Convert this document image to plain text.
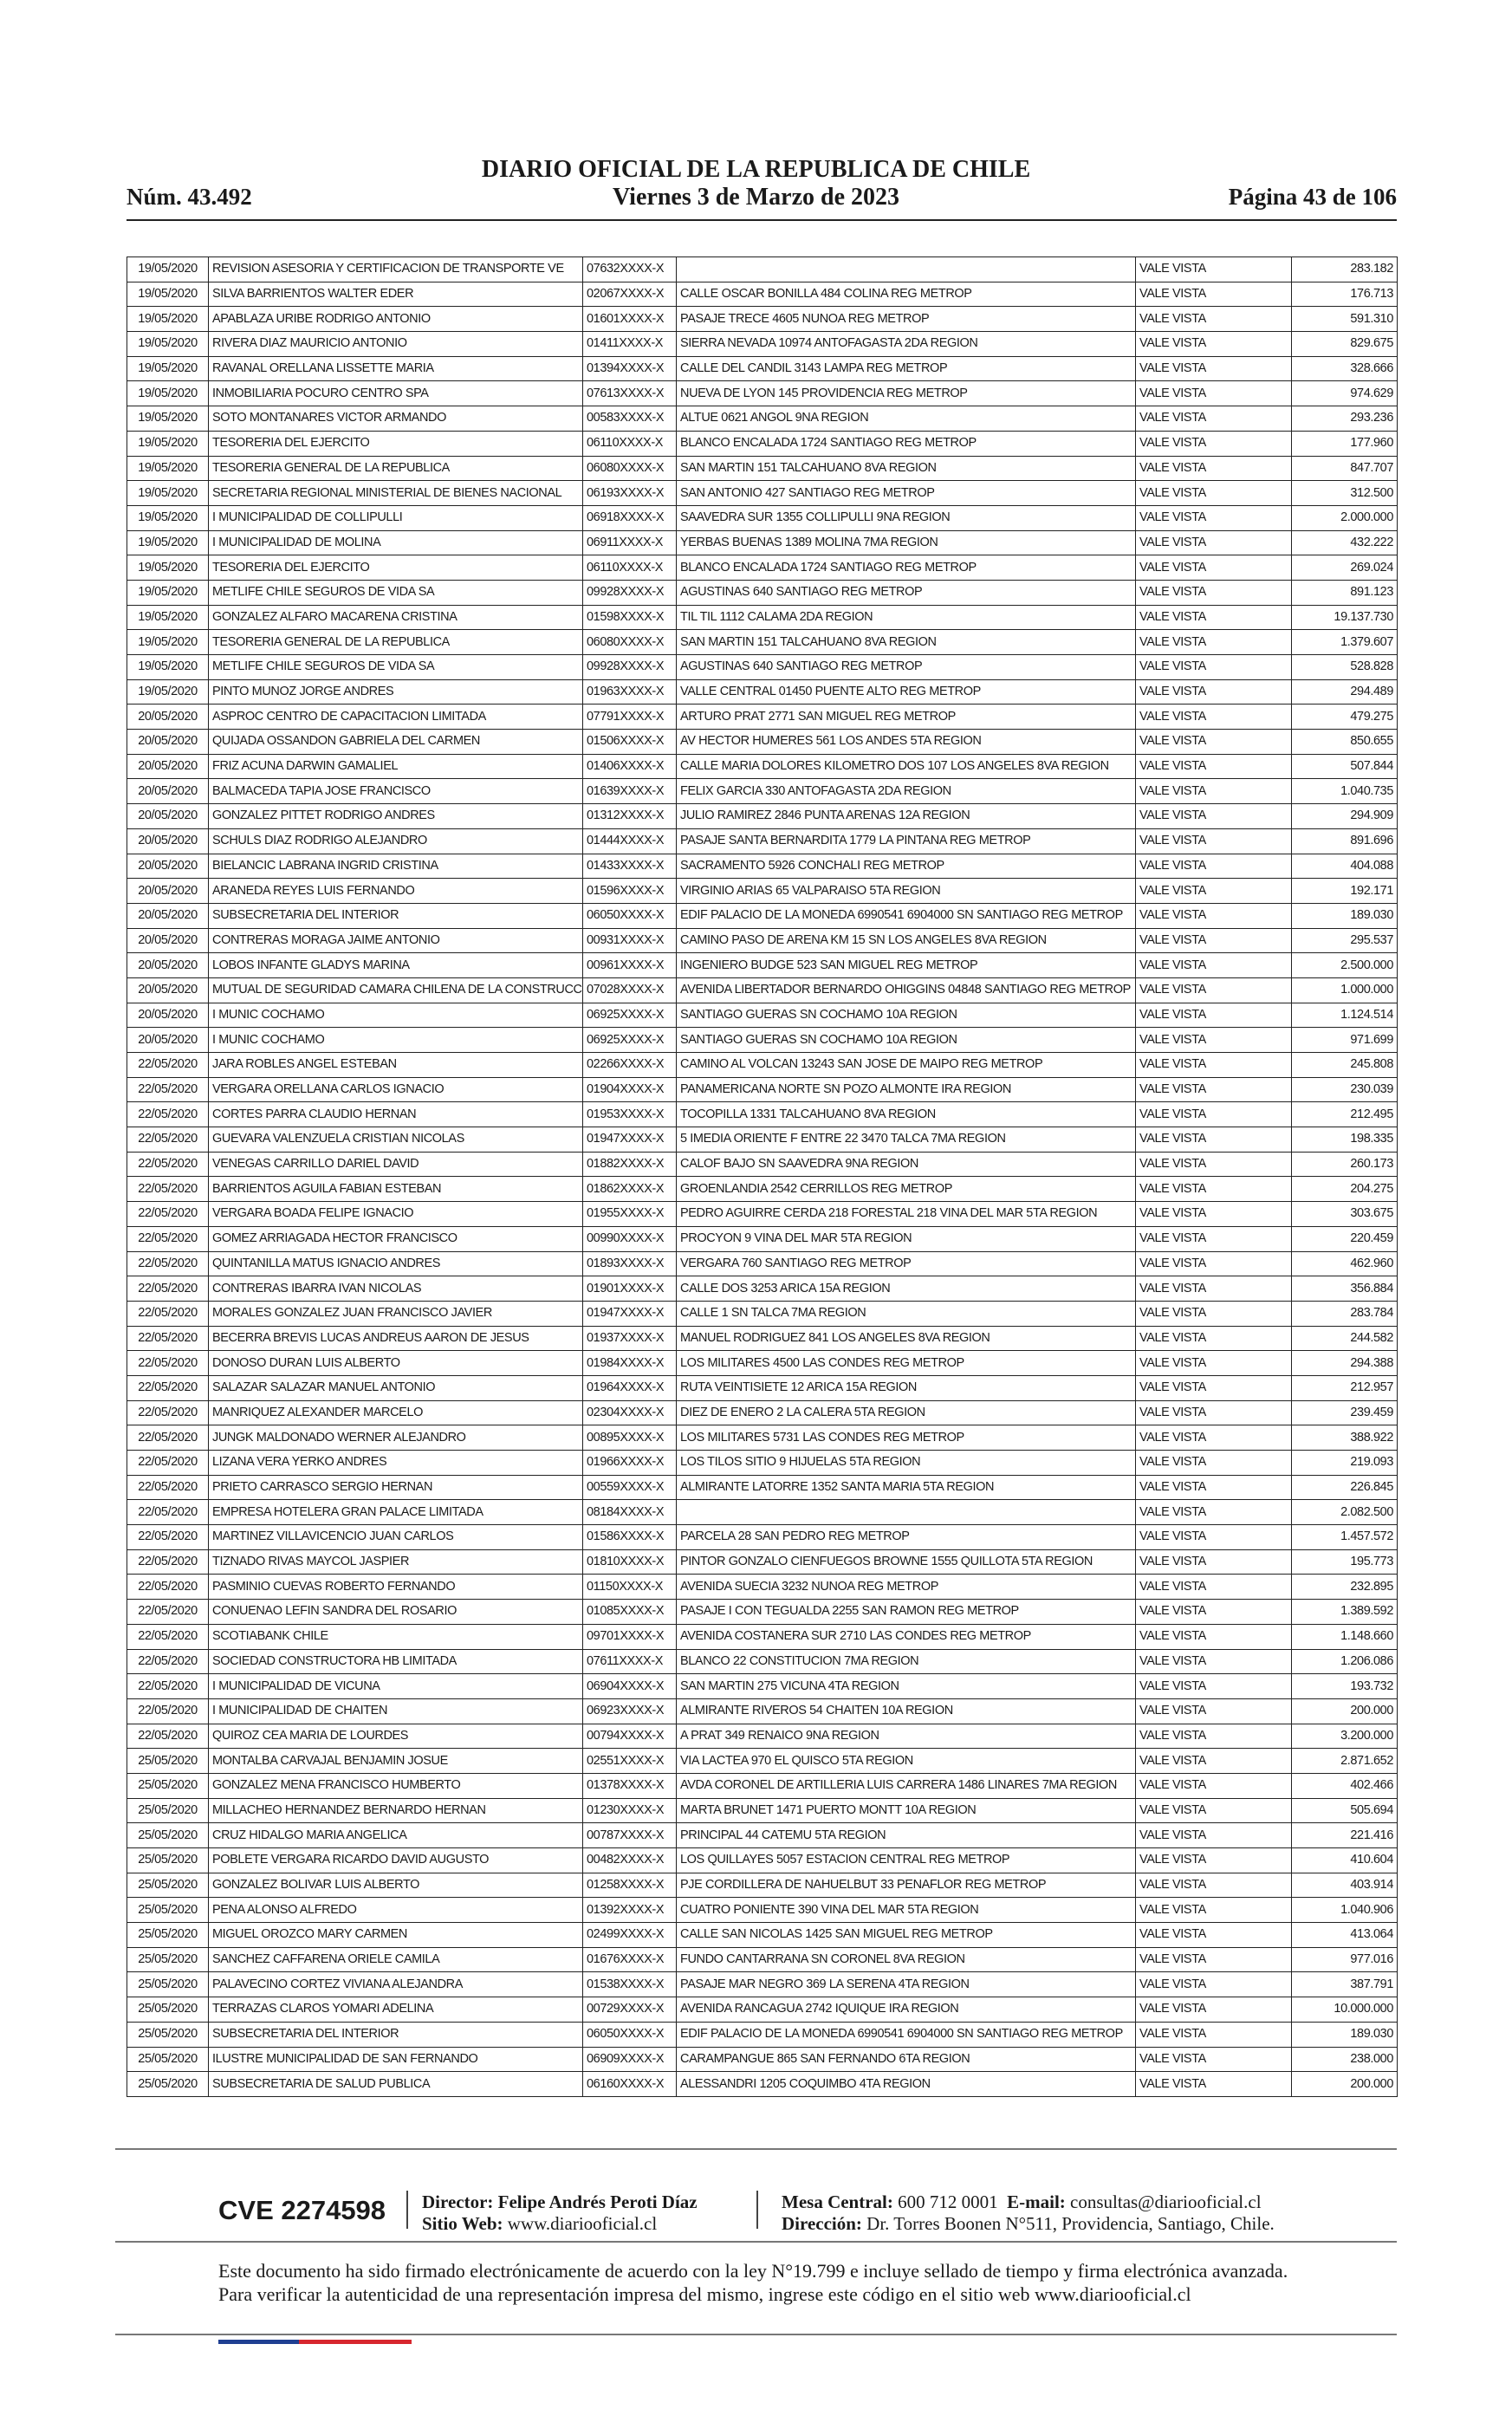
DIARIO OFICIAL DE LA REPUBLICA DE CHILE
Viernes 3 de Marzo de 2023
Núm. 43.492	Página 43 de 106
19/05/2020	REVISION ASESORIA Y CERTIFICACION DE TRANSPORTE VE	07632XXXX-X		VALE VISTA	283.182
19/05/2020	SILVA BARRIENTOS WALTER EDER	02067XXXX-X	CALLE OSCAR BONILLA 484 COLINA REG METROP	VALE VISTA	176.713
19/05/2020	APABLAZA URIBE RODRIGO ANTONIO	01601XXXX-X	PASAJE TRECE 4605 NUNOA REG METROP	VALE VISTA	591.310
19/05/2020	RIVERA DIAZ MAURICIO ANTONIO	01411XXXX-X	SIERRA NEVADA 10974 ANTOFAGASTA 2DA REGION	VALE VISTA	829.675
19/05/2020	RAVANAL ORELLANA LISSETTE MARIA	01394XXXX-X	CALLE DEL CANDIL 3143 LAMPA REG METROP	VALE VISTA	328.666
19/05/2020	INMOBILIARIA POCURO CENTRO SPA	07613XXXX-X	NUEVA DE LYON 145 PROVIDENCIA REG METROP	VALE VISTA	974.629
19/05/2020	SOTO MONTANARES VICTOR ARMANDO	00583XXXX-X	ALTUE 0621 ANGOL 9NA REGION	VALE VISTA	293.236
19/05/2020	TESORERIA DEL EJERCITO	06110XXXX-X	BLANCO ENCALADA 1724 SANTIAGO REG METROP	VALE VISTA	177.960
19/05/2020	TESORERIA GENERAL DE LA REPUBLICA	06080XXXX-X	SAN MARTIN 151 TALCAHUANO 8VA REGION	VALE VISTA	847.707
19/05/2020	SECRETARIA REGIONAL MINISTERIAL DE BIENES NACIONAL	06193XXXX-X	SAN ANTONIO 427 SANTIAGO REG METROP	VALE VISTA	312.500
19/05/2020	I MUNICIPALIDAD DE COLLIPULLI	06918XXXX-X	SAAVEDRA SUR 1355 COLLIPULLI 9NA REGION	VALE VISTA	2.000.000
19/05/2020	I MUNICIPALIDAD DE MOLINA	06911XXXX-X	YERBAS BUENAS 1389 MOLINA 7MA REGION	VALE VISTA	432.222
19/05/2020	TESORERIA DEL EJERCITO	06110XXXX-X	BLANCO ENCALADA 1724 SANTIAGO REG METROP	VALE VISTA	269.024
19/05/2020	METLIFE CHILE SEGUROS DE VIDA SA	09928XXXX-X	AGUSTINAS 640 SANTIAGO REG METROP	VALE VISTA	891.123
19/05/2020	GONZALEZ ALFARO MACARENA CRISTINA	01598XXXX-X	TIL TIL 1112 CALAMA 2DA REGION	VALE VISTA	19.137.730
19/05/2020	TESORERIA GENERAL DE LA REPUBLICA	06080XXXX-X	SAN MARTIN 151 TALCAHUANO 8VA REGION	VALE VISTA	1.379.607
19/05/2020	METLIFE CHILE SEGUROS DE VIDA SA	09928XXXX-X	AGUSTINAS 640 SANTIAGO REG METROP	VALE VISTA	528.828
19/05/2020	PINTO MUNOZ JORGE ANDRES	01963XXXX-X	VALLE CENTRAL 01450 PUENTE ALTO REG METROP	VALE VISTA	294.489
20/05/2020	ASPROC CENTRO DE CAPACITACION LIMITADA	07791XXXX-X	ARTURO PRAT 2771 SAN MIGUEL REG METROP	VALE VISTA	479.275
20/05/2020	QUIJADA OSSANDON GABRIELA DEL CARMEN	01506XXXX-X	AV HECTOR HUMERES 561 LOS ANDES 5TA REGION	VALE VISTA	850.655
20/05/2020	FRIZ ACUNA DARWIN GAMALIEL	01406XXXX-X	CALLE MARIA DOLORES KILOMETRO DOS 107 LOS ANGELES 8VA REGION	VALE VISTA	507.844
20/05/2020	BALMACEDA TAPIA JOSE FRANCISCO	01639XXXX-X	FELIX GARCIA 330 ANTOFAGASTA 2DA REGION	VALE VISTA	1.040.735
20/05/2020	GONZALEZ PITTET RODRIGO ANDRES	01312XXXX-X	JULIO RAMIREZ 2846 PUNTA ARENAS 12A REGION	VALE VISTA	294.909
20/05/2020	SCHULS DIAZ RODRIGO ALEJANDRO	01444XXXX-X	PASAJE SANTA BERNARDITA 1779 LA PINTANA REG METROP	VALE VISTA	891.696
20/05/2020	BIELANCIC LABRANA INGRID CRISTINA	01433XXXX-X	SACRAMENTO 5926 CONCHALI REG METROP	VALE VISTA	404.088
20/05/2020	ARANEDA REYES LUIS FERNANDO	01596XXXX-X	VIRGINIO ARIAS 65 VALPARAISO 5TA REGION	VALE VISTA	192.171
20/05/2020	SUBSECRETARIA DEL INTERIOR	06050XXXX-X	EDIF PALACIO DE LA MONEDA 6990541 6904000 SN SANTIAGO REG METROP	VALE VISTA	189.030
20/05/2020	CONTRERAS MORAGA JAIME ANTONIO	00931XXXX-X	CAMINO PASO DE ARENA KM 15 SN LOS ANGELES 8VA REGION	VALE VISTA	295.537
20/05/2020	LOBOS INFANTE GLADYS MARINA	00961XXXX-X	INGENIERO BUDGE 523 SAN MIGUEL REG METROP	VALE VISTA	2.500.000
20/05/2020	MUTUAL DE SEGURIDAD CAMARA CHILENA DE LA CONSTRUCC	07028XXXX-X	AVENIDA LIBERTADOR BERNARDO OHIGGINS 04848 SANTIAGO REG METROP	VALE VISTA	1.000.000
20/05/2020	I MUNIC COCHAMO	06925XXXX-X	SANTIAGO GUERAS SN COCHAMO 10A REGION	VALE VISTA	1.124.514
20/05/2020	I MUNIC COCHAMO	06925XXXX-X	SANTIAGO GUERAS SN COCHAMO 10A REGION	VALE VISTA	971.699
22/05/2020	JARA ROBLES ANGEL ESTEBAN	02266XXXX-X	CAMINO AL VOLCAN 13243 SAN JOSE DE MAIPO REG METROP	VALE VISTA	245.808
22/05/2020	VERGARA ORELLANA CARLOS IGNACIO	01904XXXX-X	PANAMERICANA NORTE SN POZO ALMONTE IRA REGION	VALE VISTA	230.039
22/05/2020	CORTES PARRA CLAUDIO HERNAN	01953XXXX-X	TOCOPILLA 1331 TALCAHUANO 8VA REGION	VALE VISTA	212.495
22/05/2020	GUEVARA VALENZUELA CRISTIAN NICOLAS	01947XXXX-X	5 IMEDIA ORIENTE F ENTRE 22 3470 TALCA 7MA REGION	VALE VISTA	198.335
22/05/2020	VENEGAS CARRILLO DARIEL DAVID	01882XXXX-X	CALOF BAJO SN SAAVEDRA 9NA REGION	VALE VISTA	260.173
22/05/2020	BARRIENTOS AGUILA FABIAN ESTEBAN	01862XXXX-X	GROENLANDIA 2542 CERRILLOS REG METROP	VALE VISTA	204.275
22/05/2020	VERGARA BOADA FELIPE IGNACIO	01955XXXX-X	PEDRO AGUIRRE CERDA 218 FORESTAL 218 VINA DEL MAR 5TA REGION	VALE VISTA	303.675
22/05/2020	GOMEZ ARRIAGADA HECTOR FRANCISCO	00990XXXX-X	PROCYON 9 VINA DEL MAR 5TA REGION	VALE VISTA	220.459
22/05/2020	QUINTANILLA MATUS IGNACIO ANDRES	01893XXXX-X	VERGARA 760 SANTIAGO REG METROP	VALE VISTA	462.960
22/05/2020	CONTRERAS IBARRA IVAN NICOLAS	01901XXXX-X	CALLE DOS 3253 ARICA 15A REGION	VALE VISTA	356.884
22/05/2020	MORALES GONZALEZ JUAN FRANCISCO JAVIER	01947XXXX-X	CALLE 1 SN TALCA 7MA REGION	VALE VISTA	283.784
22/05/2020	BECERRA BREVIS LUCAS ANDREUS AARON DE JESUS	01937XXXX-X	MANUEL RODRIGUEZ 841 LOS ANGELES 8VA REGION	VALE VISTA	244.582
22/05/2020	DONOSO DURAN LUIS ALBERTO	01984XXXX-X	LOS MILITARES 4500 LAS CONDES REG METROP	VALE VISTA	294.388
22/05/2020	SALAZAR SALAZAR MANUEL ANTONIO	01964XXXX-X	RUTA VEINTISIETE 12 ARICA 15A REGION	VALE VISTA	212.957
22/05/2020	MANRIQUEZ ALEXANDER MARCELO	02304XXXX-X	DIEZ DE ENERO 2 LA CALERA 5TA REGION	VALE VISTA	239.459
22/05/2020	JUNGK MALDONADO WERNER ALEJANDRO	00895XXXX-X	LOS MILITARES 5731 LAS CONDES REG METROP	VALE VISTA	388.922
22/05/2020	LIZANA VERA YERKO ANDRES	01966XXXX-X	LOS TILOS SITIO 9 HIJUELAS 5TA REGION	VALE VISTA	219.093
22/05/2020	PRIETO CARRASCO SERGIO HERNAN	00559XXXX-X	ALMIRANTE LATORRE 1352 SANTA MARIA 5TA REGION	VALE VISTA	226.845
22/05/2020	EMPRESA HOTELERA GRAN PALACE LIMITADA	08184XXXX-X		VALE VISTA	2.082.500
22/05/2020	MARTINEZ VILLAVICENCIO JUAN CARLOS	01586XXXX-X	PARCELA 28 SAN PEDRO REG METROP	VALE VISTA	1.457.572
22/05/2020	TIZNADO RIVAS MAYCOL JASPIER	01810XXXX-X	PINTOR GONZALO CIENFUEGOS BROWNE 1555 QUILLOTA 5TA REGION	VALE VISTA	195.773
22/05/2020	PASMINIO CUEVAS ROBERTO FERNANDO	01150XXXX-X	AVENIDA SUECIA 3232 NUNOA REG METROP	VALE VISTA	232.895
22/05/2020	CONUENAO LEFIN SANDRA DEL ROSARIO	01085XXXX-X	PASAJE I CON TEGUALDA 2255 SAN RAMON REG METROP	VALE VISTA	1.389.592
22/05/2020	SCOTIABANK CHILE	09701XXXX-X	AVENIDA COSTANERA SUR 2710 LAS CONDES REG METROP	VALE VISTA	1.148.660
22/05/2020	SOCIEDAD CONSTRUCTORA HB LIMITADA	07611XXXX-X	BLANCO 22 CONSTITUCION 7MA REGION	VALE VISTA	1.206.086
22/05/2020	I MUNICIPALIDAD DE VICUNA	06904XXXX-X	SAN MARTIN 275 VICUNA 4TA REGION	VALE VISTA	193.732
22/05/2020	I MUNICIPALIDAD DE CHAITEN	06923XXXX-X	ALMIRANTE RIVEROS 54 CHAITEN 10A REGION	VALE VISTA	200.000
22/05/2020	QUIROZ CEA MARIA DE LOURDES	00794XXXX-X	A PRAT 349 RENAICO 9NA REGION	VALE VISTA	3.200.000
25/05/2020	MONTALBA CARVAJAL BENJAMIN JOSUE	02551XXXX-X	VIA LACTEA 970 EL QUISCO 5TA REGION	VALE VISTA	2.871.652
25/05/2020	GONZALEZ MENA FRANCISCO HUMBERTO	01378XXXX-X	AVDA CORONEL DE ARTILLERIA LUIS CARRERA 1486 LINARES 7MA REGION	VALE VISTA	402.466
25/05/2020	MILLACHEO HERNANDEZ BERNARDO HERNAN	01230XXXX-X	MARTA BRUNET 1471 PUERTO MONTT 10A REGION	VALE VISTA	505.694
25/05/2020	CRUZ HIDALGO MARIA ANGELICA	00787XXXX-X	PRINCIPAL 44 CATEMU 5TA REGION	VALE VISTA	221.416
25/05/2020	POBLETE VERGARA RICARDO DAVID AUGUSTO	00482XXXX-X	LOS QUILLAYES 5057 ESTACION CENTRAL REG METROP	VALE VISTA	410.604
25/05/2020	GONZALEZ BOLIVAR LUIS ALBERTO	01258XXXX-X	PJE CORDILLERA DE NAHUELBUT 33 PENAFLOR REG METROP	VALE VISTA	403.914
25/05/2020	PENA ALONSO ALFREDO	01392XXXX-X	CUATRO PONIENTE 390 VINA DEL MAR 5TA REGION	VALE VISTA	1.040.906
25/05/2020	MIGUEL OROZCO MARY CARMEN	02499XXXX-X	CALLE SAN NICOLAS 1425 SAN MIGUEL REG METROP	VALE VISTA	413.064
25/05/2020	SANCHEZ CAFFARENA ORIELE CAMILA	01676XXXX-X	FUNDO CANTARRANA SN CORONEL 8VA REGION	VALE VISTA	977.016
25/05/2020	PALAVECINO CORTEZ VIVIANA ALEJANDRA	01538XXXX-X	PASAJE MAR NEGRO 369 LA SERENA 4TA REGION	VALE VISTA	387.791
25/05/2020	TERRAZAS CLAROS YOMARI ADELINA	00729XXXX-X	AVENIDA RANCAGUA 2742 IQUIQUE IRA REGION	VALE VISTA	10.000.000
25/05/2020	SUBSECRETARIA DEL INTERIOR	06050XXXX-X	EDIF PALACIO DE LA MONEDA 6990541 6904000 SN SANTIAGO REG METROP	VALE VISTA	189.030
25/05/2020	ILUSTRE MUNICIPALIDAD DE SAN FERNANDO	06909XXXX-X	CARAMPANGUE 865 SAN FERNANDO 6TA REGION	VALE VISTA	238.000
25/05/2020	SUBSECRETARIA DE SALUD PUBLICA	06160XXXX-X	ALESSANDRI 1205 COQUIMBO 4TA REGION	VALE VISTA	200.000
CVE 2274598 Director: Felipe Andrés Peroti Díaz
Sitio Web: www.diariooficial.cl
Mesa Central: 600 712 0001 E-mail: consultas@diariooficial.cl
Dirección: Dr. Torres Boonen N°511, Providencia, Santiago, Chile.
Este documento ha sido firmado electrónicamente de acuerdo con la ley N°19.799 e incluye sellado de tiempo y firma electrónica avanzada. Para verificar la autenticidad de una representación impresa del mismo, ingrese este código en el sitio web www.diariooficial.cl
